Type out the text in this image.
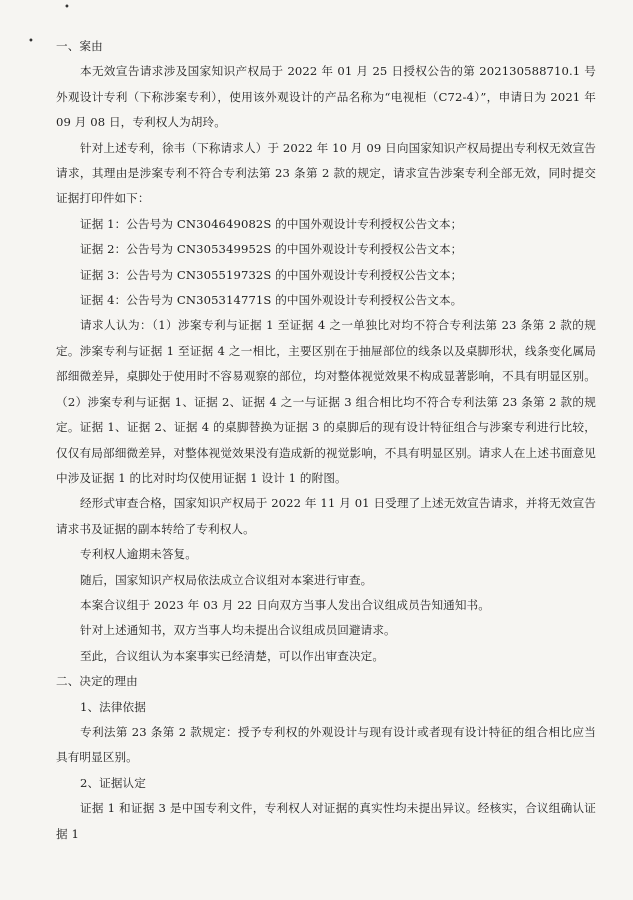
•
• 一、案由

本无效宣告请求涉及国家知识产权局于 2022 年 01 月 25 日授权公告的第 202130588710.1 号外观设计专利（下称涉案专利），使用该外观设计的产品名称为“电视柜（C72-4）”，申请日为 2021 年 09 月 08 日，专利权人为胡玲。

针对上述专利，徐韦（下称请求人）于 2022 年 10 月 09 日向国家知识产权局提出专利权无效宣告请求，其理由是涉案专利不符合专利法第 23 条第 2 款的规定，请求宣告涉案专利全部无效，同时提交证据打印件如下：

证据 1：公告号为 CN304649082S 的中国外观设计专利授权公告文本；

证据 2：公告号为 CN305349952S 的中国外观设计专利授权公告文本；

证据 3：公告号为 CN305519732S 的中国外观设计专利授权公告文本；

证据 4：公告号为 CN305314771S 的中国外观设计专利授权公告文本。

请求人认为：（1）涉案专利与证据 1 至证据 4 之一单独比对均不符合专利法第 23 条第 2 款的规定。涉案专利与证据 1 至证据 4 之一相比，主要区别在于抽屉部位的线条以及桌脚形状，线条变化属局部细微差异，桌脚处于使用时不容易观察的部位，均对整体视觉效果不构成显著影响，不具有明显区别。（2）涉案专利与证据 1、证据 2、证据 4 之一与证据 3 组合相比均不符合专利法第 23 条第 2 款的规定。证据 1、证据 2、证据 4 的桌脚替换为证据 3 的桌脚后的现有设计特征组合与涉案专利进行比较，仅仅有局部细微差异，对整体视觉效果没有造成新的视觉影响，不具有明显区别。请求人在上述书面意见中涉及证据 1 的比对时均仅使用证据 1 设计 1 的附图。

经形式审查合格，国家知识产权局于 2022 年 11 月 01 日受理了上述无效宣告请求，并将无效宣告请求书及证据的副本转给了专利权人。

专利权人逾期未答复。

随后，国家知识产权局依法成立合议组对本案进行审查。

本案合议组于 2023 年 03 月 22 日向双方当事人发出合议组成员告知通知书。

针对上述通知书，双方当事人均未提出合议组成员回避请求。

至此，合议组认为本案事实已经清楚，可以作出审查决定。

二、决定的理由

1、法律依据

专利法第 23 条第 2 款规定：授予专利权的外观设计与现有设计或者现有设计特征的组合相比应当具有明显区别。

2、证据认定

证据 1 和证据 3 是中国专利文件，专利权人对证据的真实性均未提出异议。经核实，合议组确认证据 1
